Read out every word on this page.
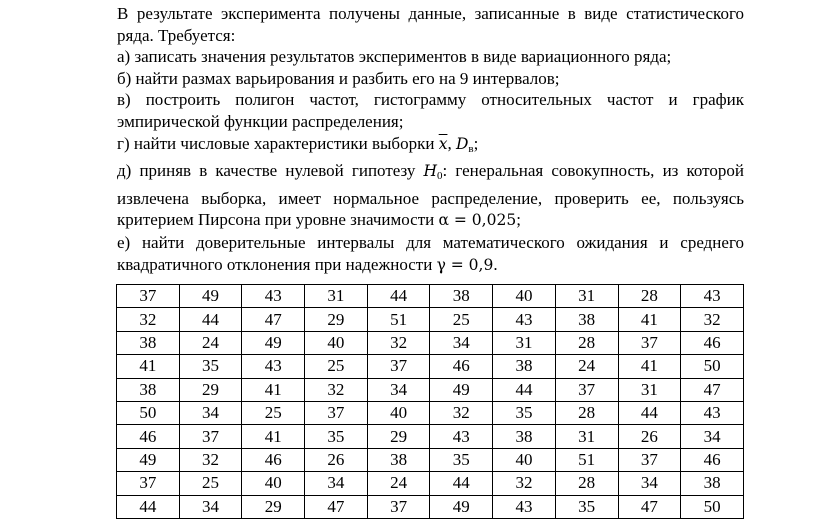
В результате эксперимента получены данные, записанные в виде статистического ряда. Требуется:

а) записать значения результатов экспериментов в виде вариационного ряда;

б) найти размах варьирования и разбить его на 9 интервалов;

в) построить полигон частот, гистограмму относительных частот и график эмпирической функции распределения;

г) найти числовые характеристики выборки $\overline{x}$, $D_в$;

д) приняв в качестве нулевой гипотезу $H_0$: генеральная совокупность, из которой извлечена выборка, имеет нормальное распределение, проверить ее, пользуясь критерием Пирсона при уровне значимости α = 0,025;

е) найти доверительные интервалы для математического ожидания и среднего квадратичного отклонения при надежности γ = 0,9.

37	49	43	31	44	38	40	31	28	43
32	44	47	29	51	25	43	38	41	32
38	24	49	40	32	34	31	28	37	46
41	35	43	25	37	46	38	24	41	50
38	29	41	32	34	49	44	37	31	47
50	34	25	37	40	32	35	28	44	43
46	37	41	35	29	43	38	31	26	34
49	32	46	26	38	35	40	51	37	46
37	25	40	34	24	44	32	28	34	38
44	34	29	47	37	49	43	35	47	50
